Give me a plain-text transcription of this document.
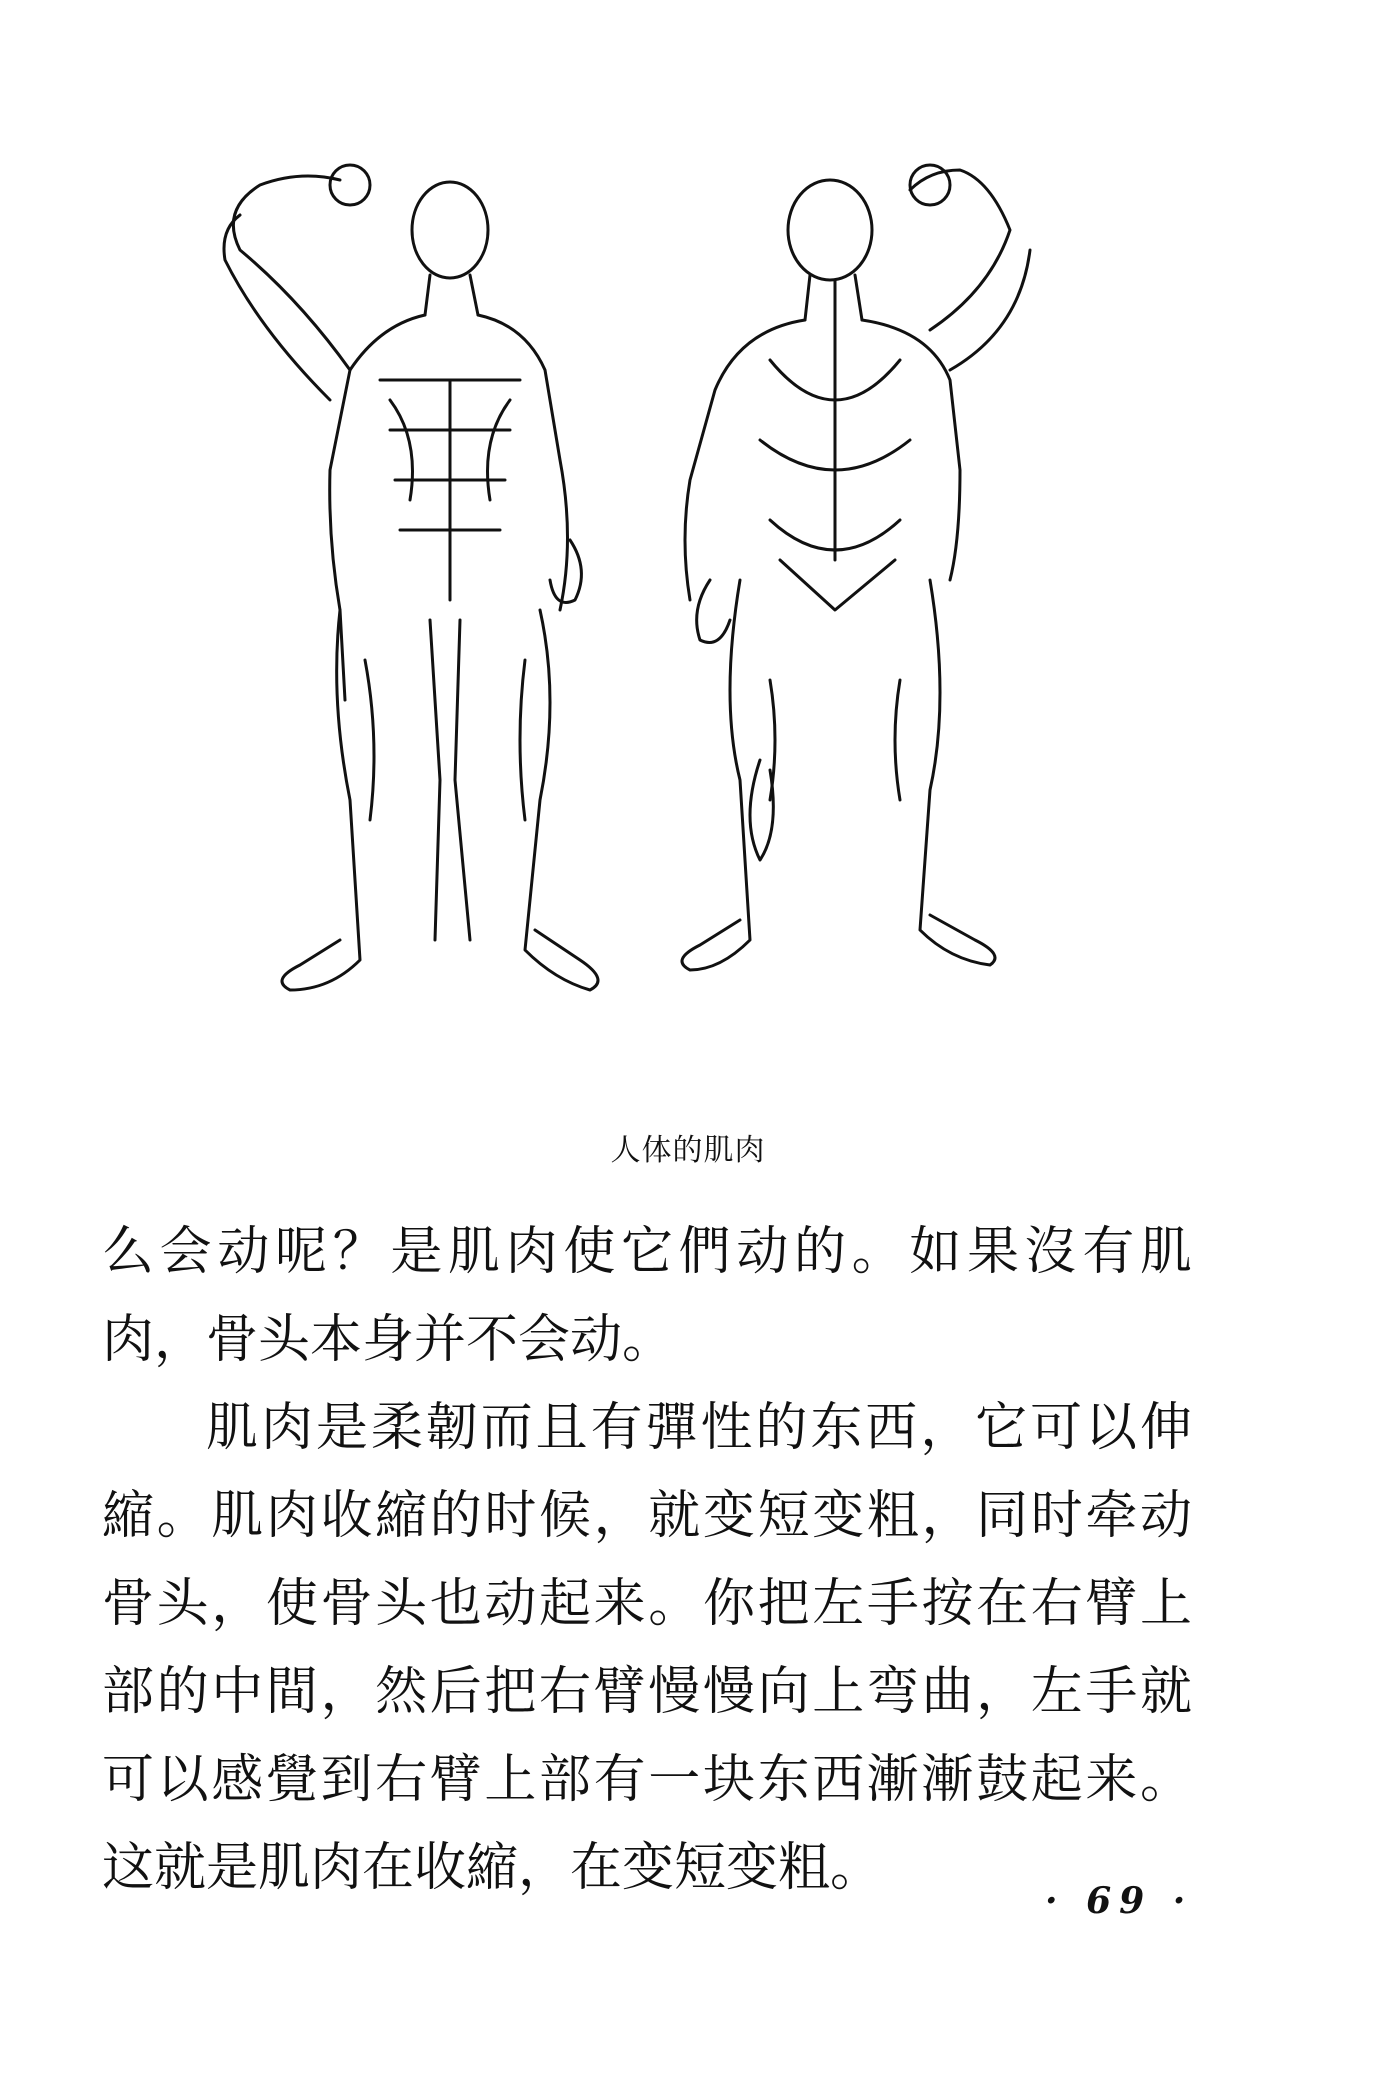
人体的肌肉
么会动呢？是肌肉使它們动的。如果沒有肌肉，骨头本身并不会动。
肌肉是柔韌而且有彈性的东西，它可以伸縮。肌肉收縮的时候，就变短变粗，同时牵动骨头，使骨头也动起来。你把左手按在右臂上部的中間，然后把右臂慢慢向上弯曲，左手就可以感覺到右臂上部有一块东西漸漸鼓起来。这就是肌肉在收縮，在变短变粗。
· 69 ·
